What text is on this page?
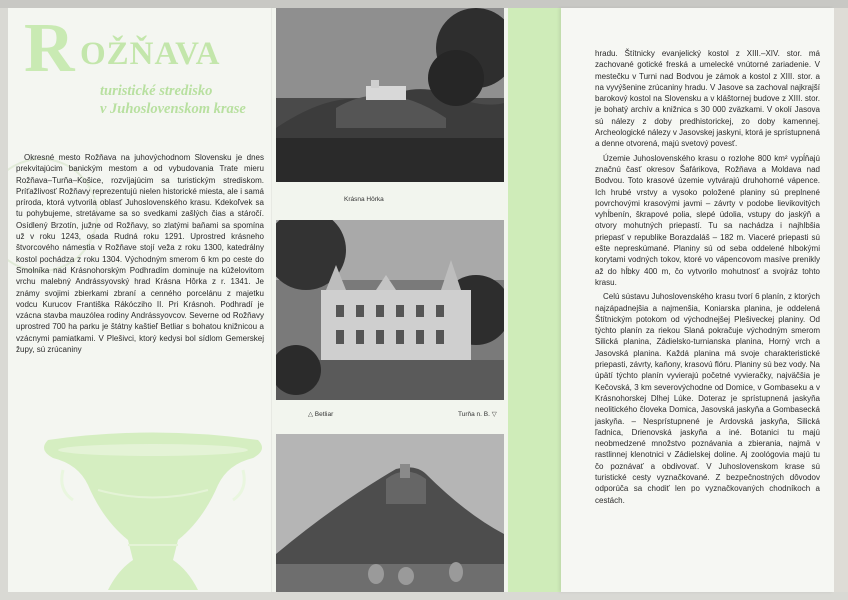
R OŽŇAVA
turistické stredisko
v Juhoslovenskom krase

Okresné mesto Rožňava na juhovýchodnom Slovensku je dnes prekvitajúcim banickým mestom a od vybudovania Trate mieru Rožňava–Turňa–Košice, rozvíjajúcim sa turistickým strediskom. Príťažlivosť Rožňavy reprezentujú nielen historické miesta, ale i samá príroda, ktorá vytvorila oblasť Juhoslovenského krasu. Kdekoľvek sa tu pohybujeme, stretávame sa so svedkami zašlých čias a stáročí. Osídlený Brzotín, južne od Rožňavy, so zlatými baňami sa spomína už v roku 1243, osada Rudná roku 1291. Uprostred krásneho štvorcového námestia v Rožňave stojí veža z roku 1300, katedrálny kostol pochádza z roku 1304. Východným smerom 6 km po ceste do Smolníka nad Krásnohorským Podhradím dominuje na kúželovitom vrchu malebný Andrássyovský hrad Krásna Hôrka z r. 1341. Je známy svojimi zbierkami zbraní a cenného porcelánu z majetku vodcu Kurucov Františka Rákócziho II. Pri Krásnoh. Podhradí je vzácna stavba mauzólea rodiny Andrássyovcov. Severne od Rožňavy uprostred 700 ha parku je štátny kaštieľ Betliar s bohatou knižnicou a vzácnymi pamiatkami. V Plešivci, ktorý kedysi bol sídlom Gemerskej župy, sú zrúcaniny

Krásna Hôrka
△ Betliar	Turňa n. B. ▽

hradu. Štítnicky evanjelický kostol z XIII.–XIV. stor. má zachované gotické freská a umelecké vnútorné zariadenie. V mestečku v Turni nad Bodvou je zámok a kostol z XIII. stor. a na vyvýšenine zrúcaniny hradu. V Jasove sa zachoval najkrajší barokový kostol na Slovensku a v kláštornej budove z XIII. stor. je bohatý archív a knižnica s 30 000 zväzkami. V okolí Jasova sú nálezy z doby predhistorickej, zo doby kamennej. Archeologické nálezy v Jasovskej jaskyni, ktorá je sprístupnená a denne otvorená, majú svetový povesť.

Územie Juhoslovenského krasu o rozlohe 800 km² vypĺňajú značnú časť okresov Šafárikova, Rožňava a Moldava nad Bodvou. Toto krasové územie vytvárajú druhohorné vápence. Ich hrubé vrstvy a vysoko položené planiny sú preplnené povrchovými krasovými javmi – závrty v podobe lievikovitých vyhĺbenín, škrapové polia, slepé údolia, vstupy do jaskýň a otvory mohutných priepastí. Tu sa nachádza i najhlbšia priepasť v republike Borazdaláš – 182 m. Viaceré priepasti sú ešte nepreskúmané. Planiny sú od seba oddelené hlbokými korytami vodných tokov, ktoré vo vápencovom masíve prenikly až do hĺbky 400 m, čo vytvorilo mohutnosť a svojráz tohto krasu.

Celú sústavu Juhoslovenského krasu tvorí 6 planín, z ktorých najzápadnejšia a najmenšia, Koniarska planina, je oddelená Štítnickým potokom od východnejšej Plešiveckej planiny. Od týchto planín za riekou Slaná pokračuje východným smerom Silická planina, Zádielsko-turnianska planina, Horný vrch a Jasovská planina. Každá planina má svoje charakteristické priepasti, závrty, kaňony, krasovú flóru. Planiny sú bez vody. Na úpätí týchto planín vyvierajú početné vyvieračky, najväčšia je Kečovská, 3 km severovýchodne od Domice, v Gombaseku a v Krásnohorskej Dlhej Lúke. Doteraz je sprístupnená jaskyňa neolitického človeka Domica, Jasovská jaskyňa a Gombasecká jaskyňa. – Nesprístupnené je Ardovská jaskyňa, Silická ľadnica, Drienovská jaskyňa a iné. Botanici tu majú neobmedzené množstvo poznávania a zbierania, najmä v rastlinnej klenotnici v Zádielskej doline. Aj zoológovia majú tu čo poznávať a obdivovať. V Juhoslovenskom krase sú turistické cesty vyznačkované. Z bezpečnostných dôvodov odporúča sa chodiť len po vyznačkovaných chodníkoch a cestách.
